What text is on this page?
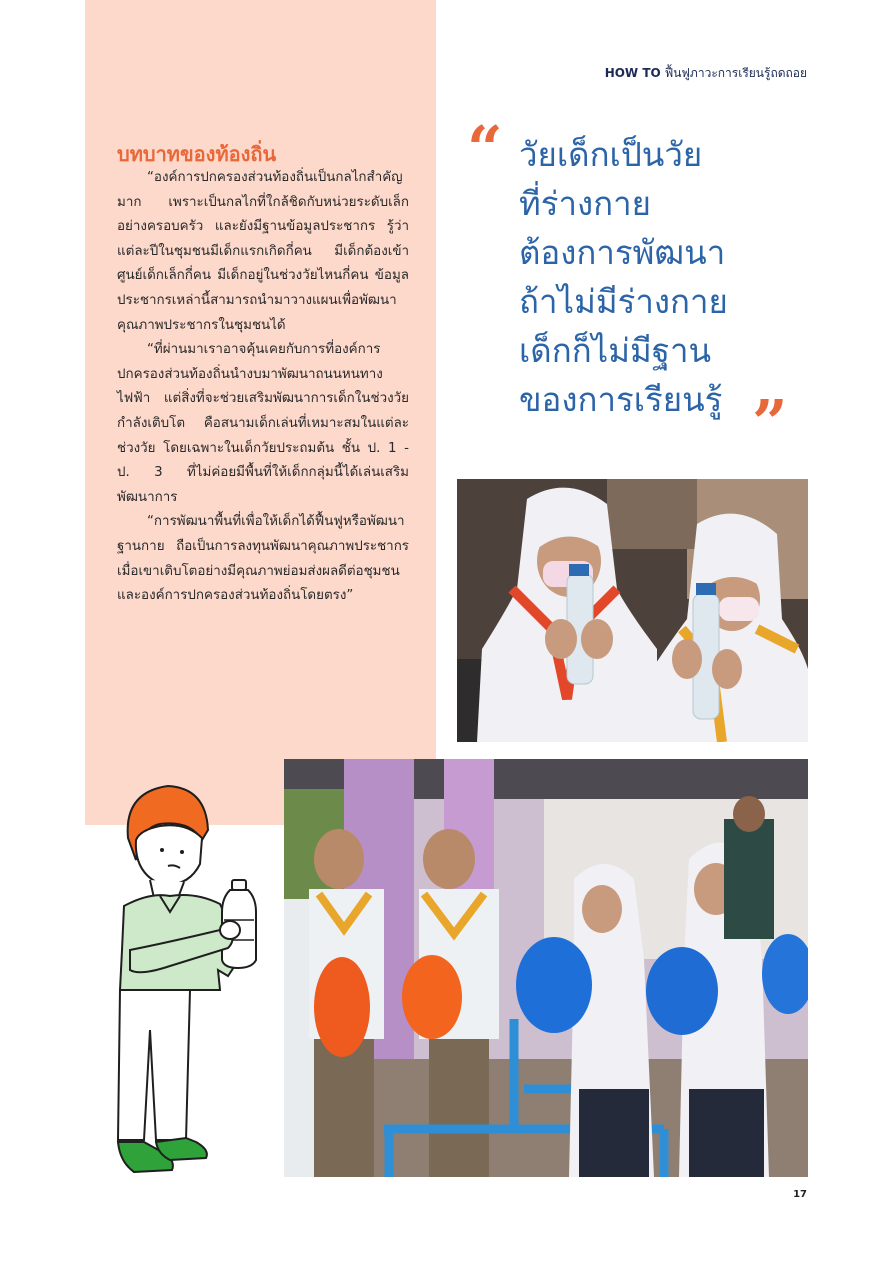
HOW TO ฟื้นฟูภาวะการเรียนรู้ถดถอย
บทบาทของท้องถิ่น

“องค์การปกครองส่วนท้องถิ่นเป็นกลไกสำคัญมาก เพราะเป็นกลไกที่ใกล้ชิดกับหน่วยระดับเล็กอย่างครอบครัว และยังมีฐานข้อมูลประชากร รู้ว่าแต่ละปีในชุมชนมีเด็กแรกเกิดกี่คน มีเด็กต้องเข้าศูนย์เด็กเล็กกี่คน มีเด็กอยู่ในช่วงวัยไหนกี่คน ข้อมูลประชากรเหล่านี้สามารถนำมาวางแผนเพื่อพัฒนาคุณภาพประชากรในชุมชนได้

“ที่ผ่านมาเราอาจคุ้นเคยกับการที่องค์การปกครองส่วนท้องถิ่นนำงบมาพัฒนาถนนหนทาง ไฟฟ้า แต่สิ่งที่จะช่วยเสริมพัฒนาการเด็กในช่วงวัยกำลังเติบโต คือสนามเด็กเล่นที่เหมาะสมในแต่ละช่วงวัย โดยเฉพาะในเด็กวัยประถมต้น ชั้น ป. 1 - ป. 3 ที่ไม่ค่อยมีพื้นที่ให้เด็กกลุ่มนี้ได้เล่นเสริมพัฒนาการ

“การพัฒนาพื้นที่เพื่อให้เด็กได้ฟื้นฟูหรือพัฒนาฐานกาย ถือเป็นการลงทุนพัฒนาคุณภาพประชากร เมื่อเขาเติบโตอย่างมีคุณภาพย่อมส่งผลดีต่อชุมชนและองค์การปกครองส่วนท้องถิ่นโดยตรง”

“ วัยเด็กเป็นวัย
ที่ร่างกาย
ต้องการพัฒนา
ถ้าไม่มีร่างกาย
เด็กก็ไม่มีฐาน
ของการเรียนรู้ ”
17
